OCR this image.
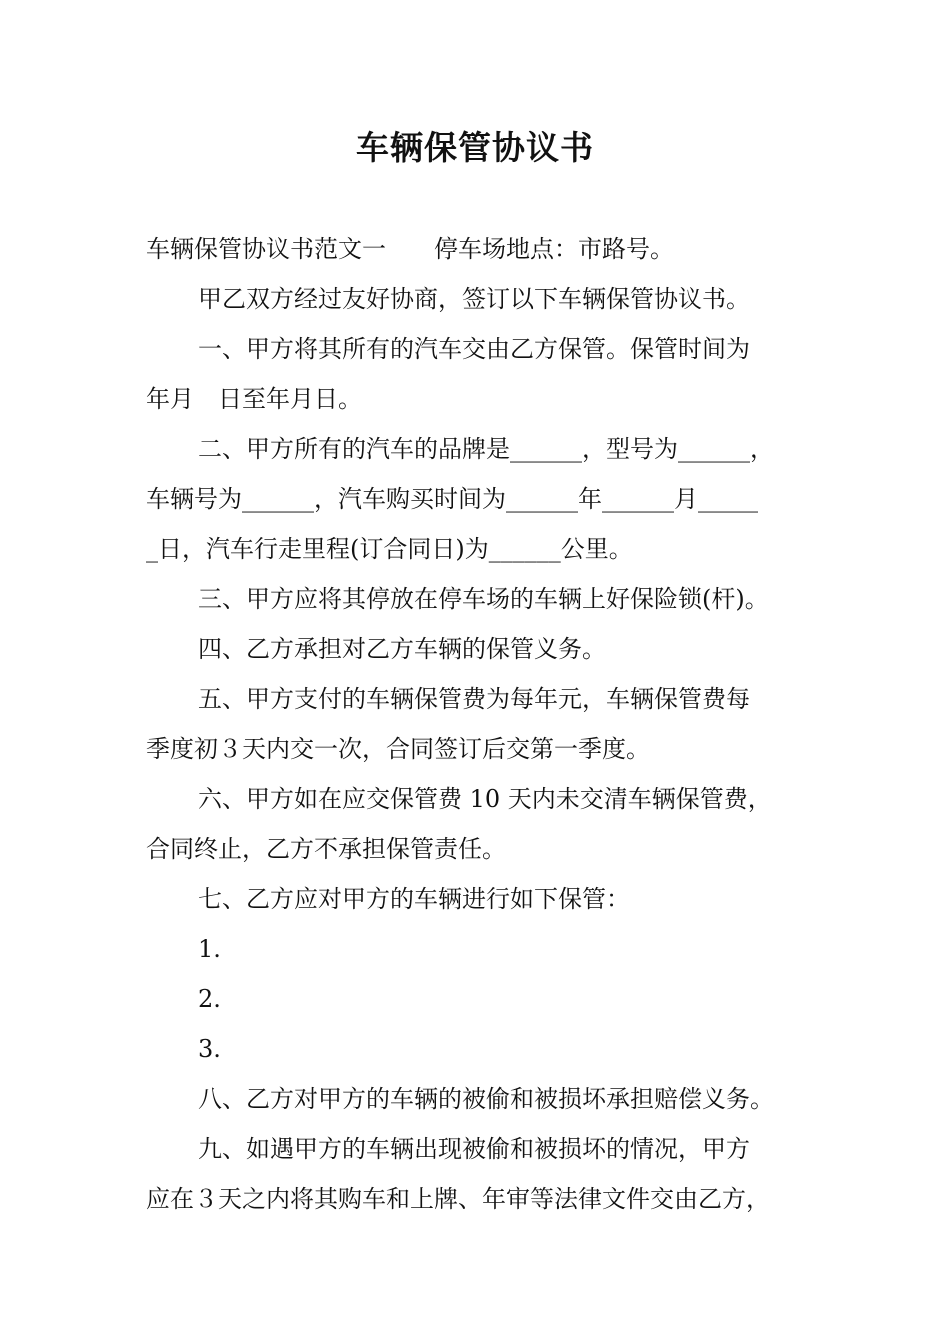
车辆保管协议书
车辆保管协议书范文一　　停车场地点：市路号。
甲乙双方经过友好协商，签订以下车辆保管协议书。
一、甲方将其所有的汽车交由乙方保管。保管时间为
年月　日至年月日。
二、甲方所有的汽车的品牌是______，型号为______，
车辆号为______，汽车购买时间为______年______月_____
_日，汽车行走里程(订合同日)为______公里。
三、甲方应将其停放在停车场的车辆上好保险锁(杆)。
四、乙方承担对乙方车辆的保管义务。
五、甲方支付的车辆保管费为每年元，车辆保管费每
季度初３天内交一次，合同签订后交第一季度。
六、甲方如在应交保管费 10 天内未交清车辆保管费，
合同终止，乙方不承担保管责任。
七、乙方应对甲方的车辆进行如下保管：
1.
2.
3.
八、乙方对甲方的车辆的被偷和被损坏承担赔偿义务。
九、如遇甲方的车辆出现被偷和被损坏的情况，甲方
应在３天之内将其购车和上牌、年审等法律文件交由乙方，
